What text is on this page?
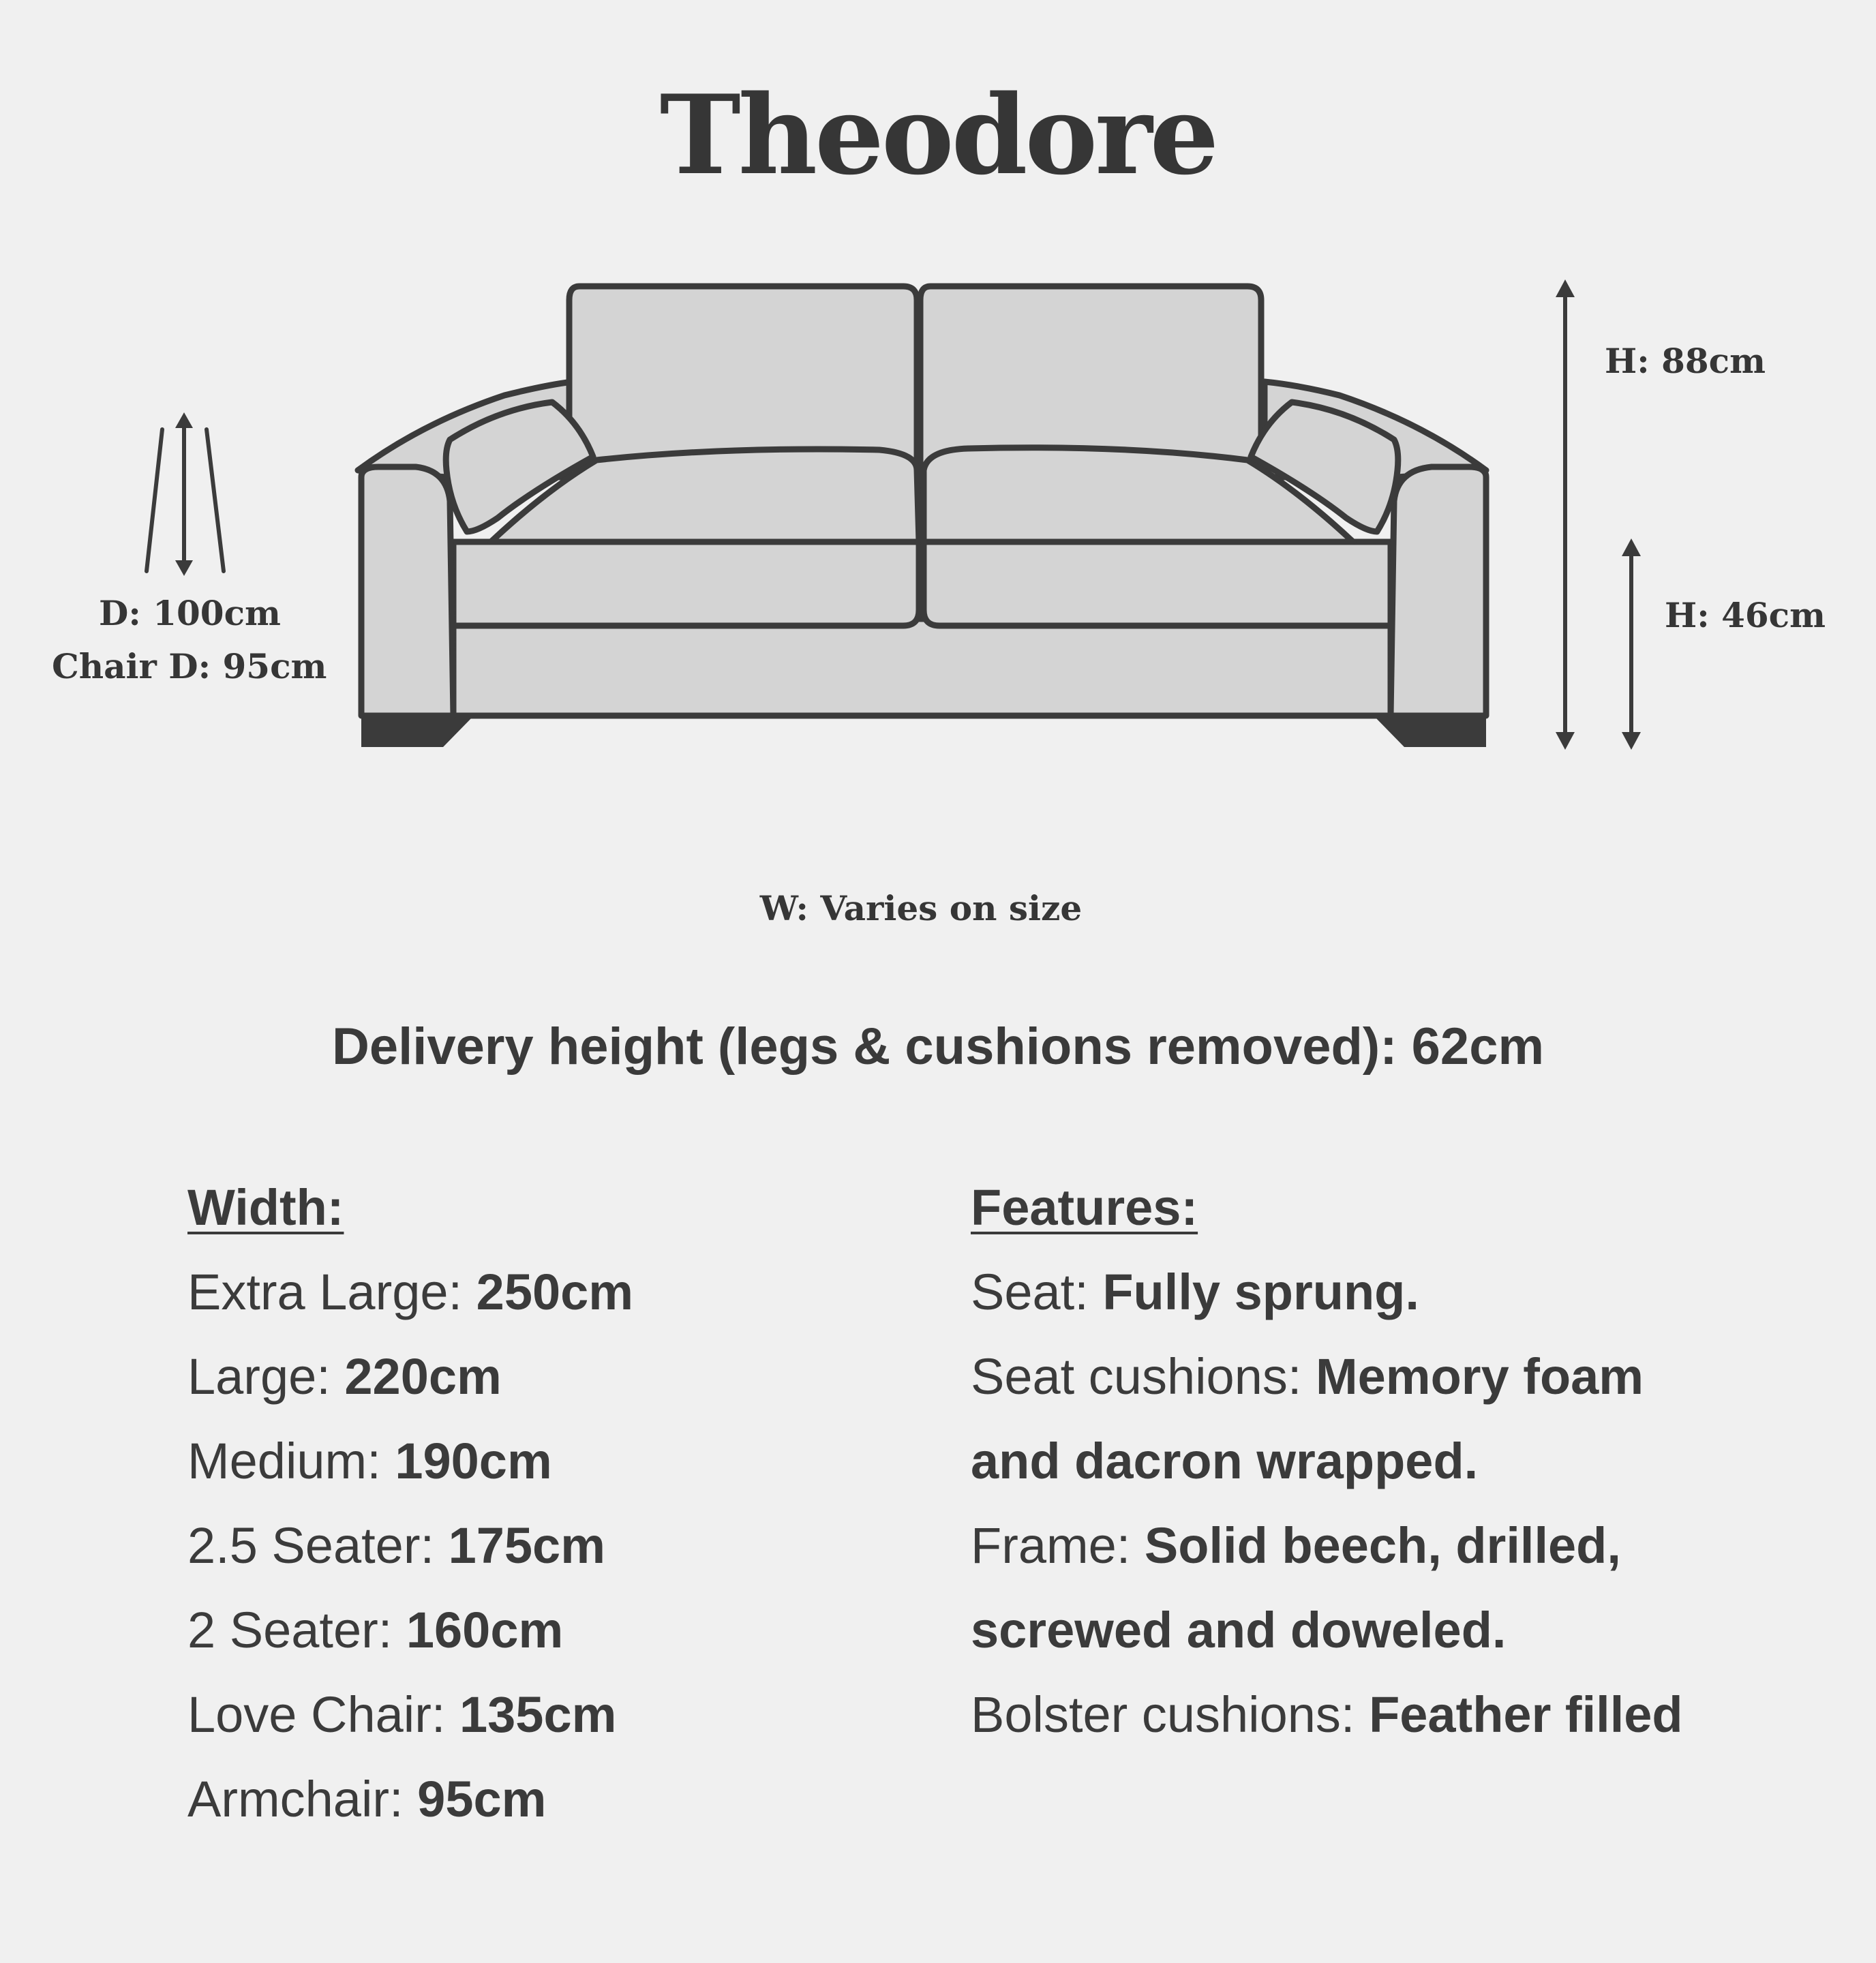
Theodore
D: 100cm
Chair D: 95cm
H: 88cm
H: 46cm
W: Varies on size
Delivery height (legs & cushions removed): 62cm
Width:
Extra Large: 250cm
Large: 220cm
Medium: 190cm
2.5 Seater: 175cm
2 Seater: 160cm
Love Chair: 135cm
Armchair: 95cm
Features:
Seat: Fully sprung.
Seat cushions: Memory foam
and dacron wrapped.
Frame: Solid beech, drilled,
screwed and doweled.
Bolster cushions: Feather filled
